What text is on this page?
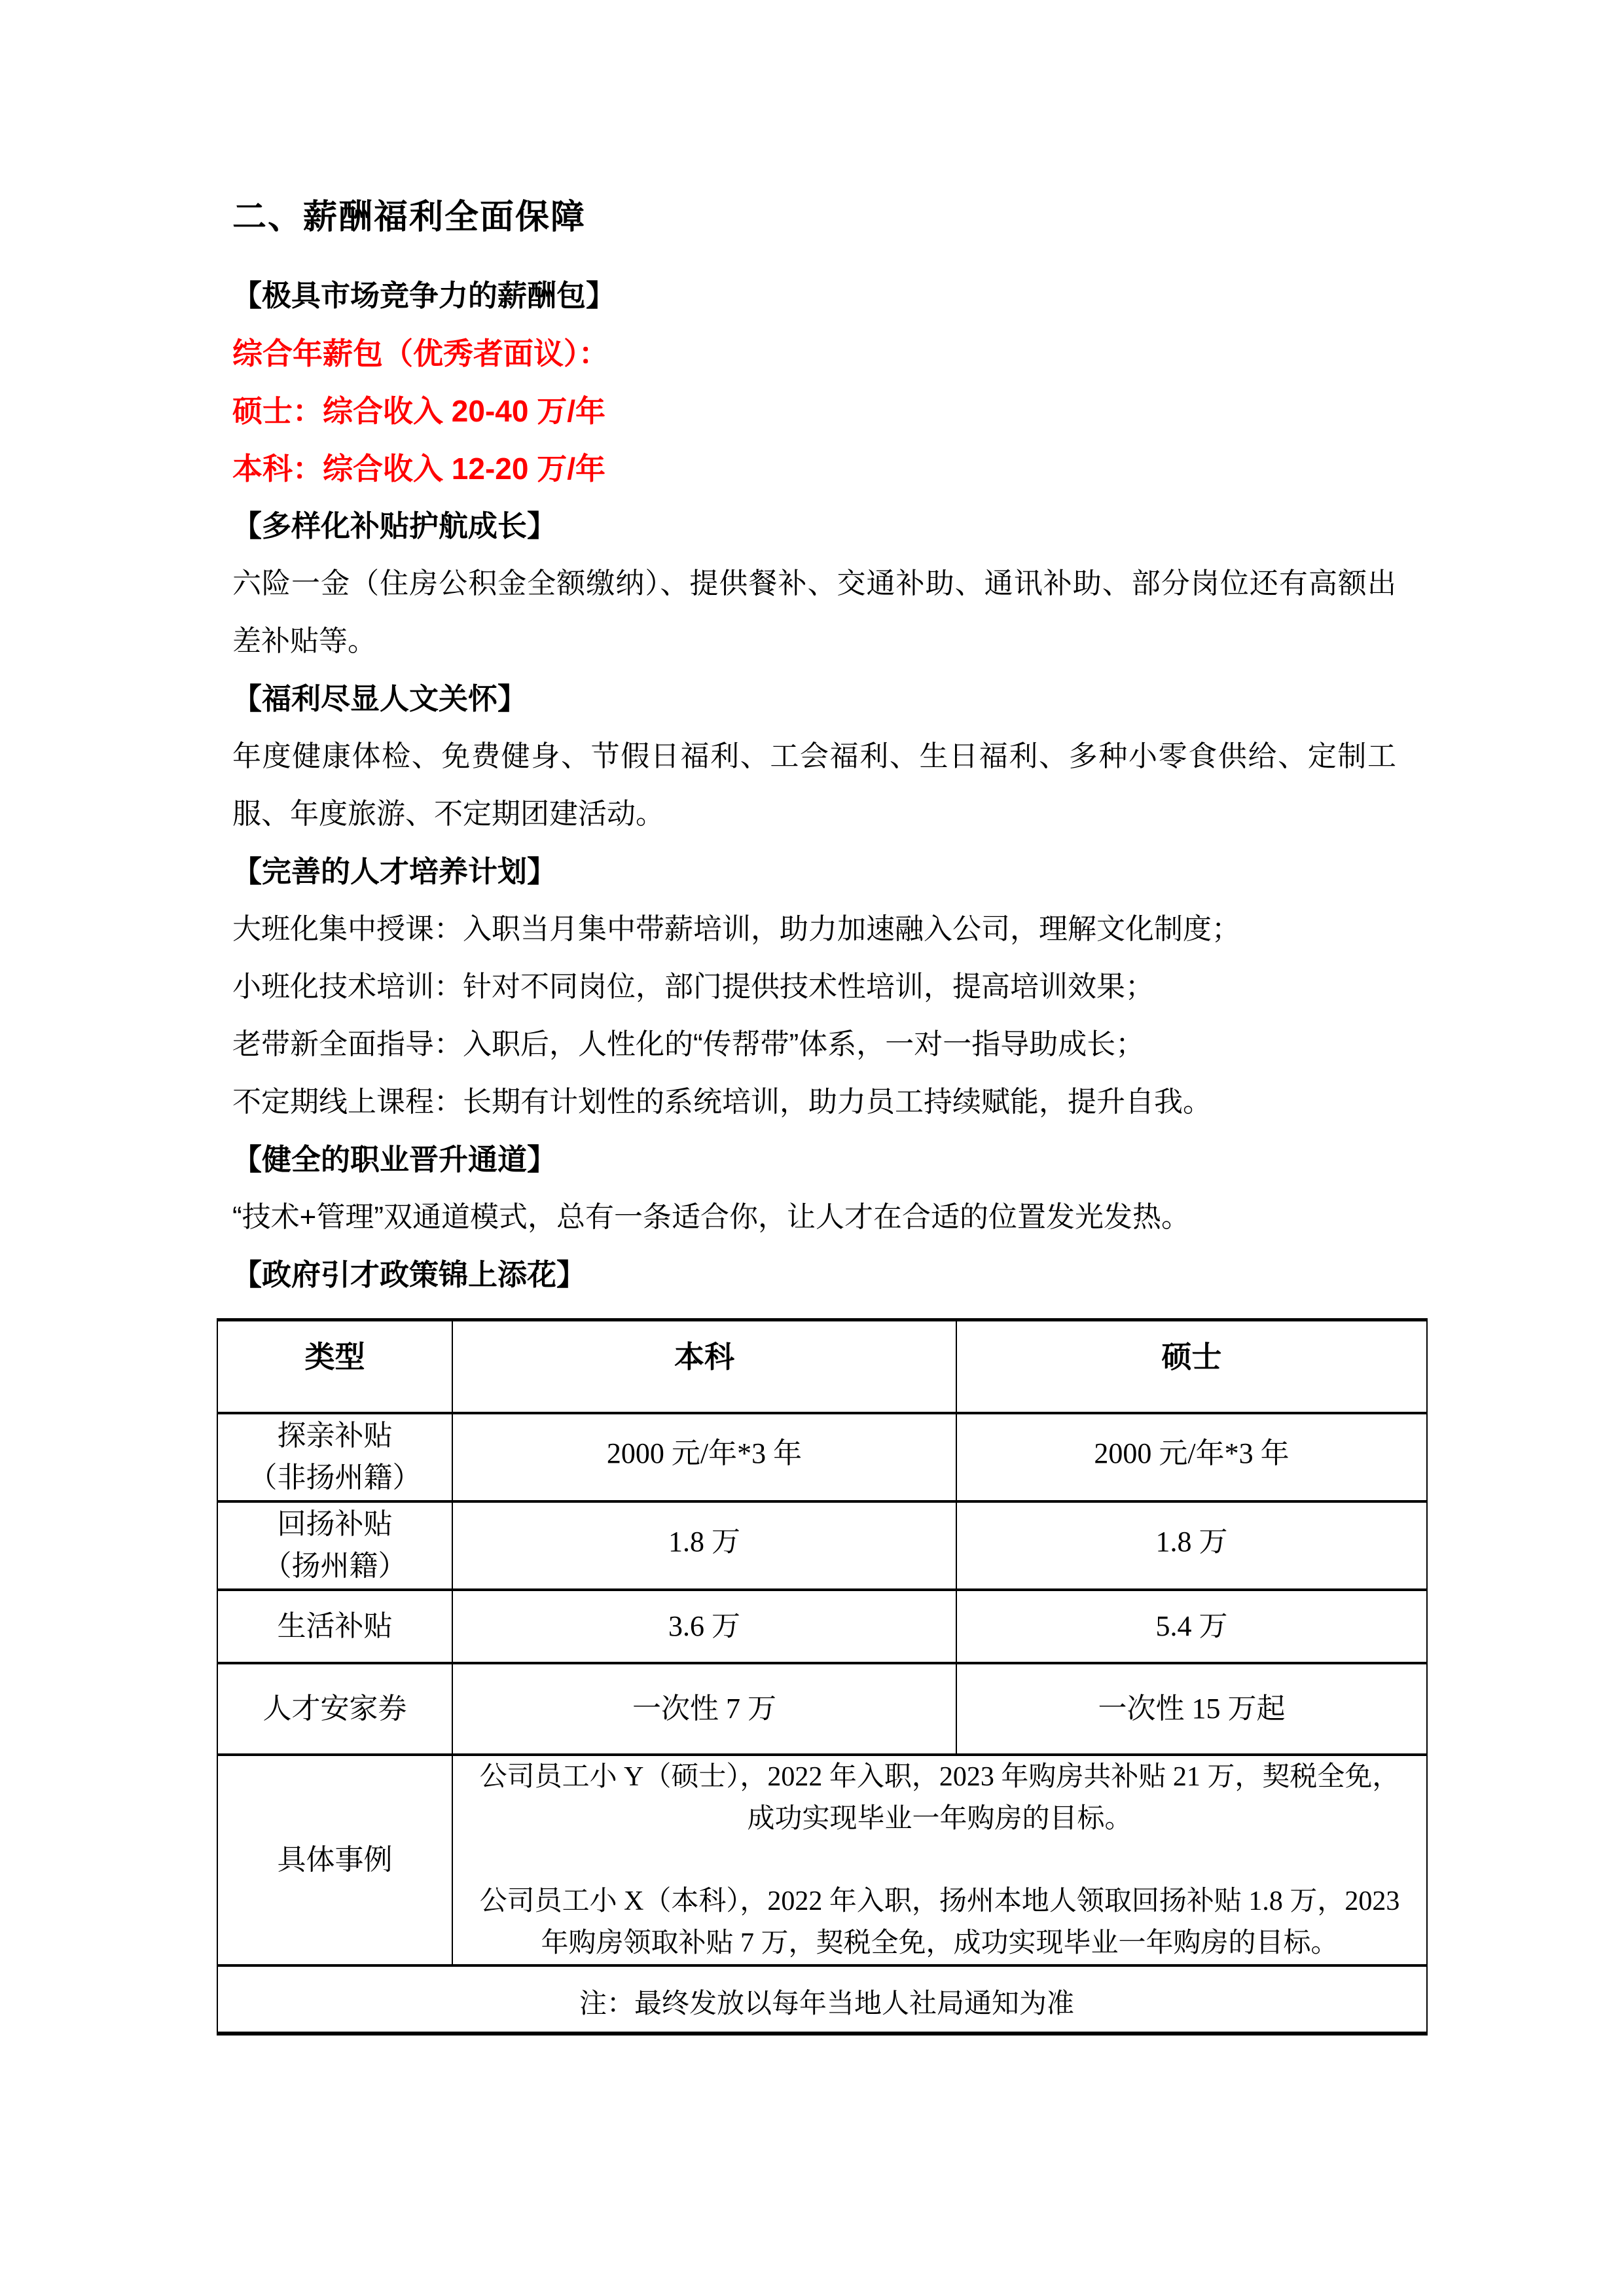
二、薪酬福利全面保障

【极具市场竞争力的薪酬包】

综合年薪包（优秀者面议）：

硕士：综合收入 20-40 万/年

本科：综合收入 12-20 万/年

【多样化补贴护航成长】

六险一金（住房公积金全额缴纳）、提供餐补、交通补助、通讯补助、部分岗位还有高额出差补贴等。

【福利尽显人文关怀】

年度健康体检、免费健身、节假日福利、工会福利、生日福利、多种小零食供给、定制工服、年度旅游、不定期团建活动。

【完善的人才培养计划】

大班化集中授课：入职当月集中带薪培训，助力加速融入公司，理解文化制度；

小班化技术培训：针对不同岗位，部门提供技术性培训，提高培训效果；

老带新全面指导：入职后，人性化的“传帮带”体系，一对一指导助成长；

不定期线上课程：长期有计划性的系统培训，助力员工持续赋能，提升自我。

【健全的职业晋升通道】

“技术+管理”双通道模式，总有一条适合你，让人才在合适的位置发光发热。

【政府引才政策锦上添花】

类型	本科	硕士

探亲补贴
（非扬州籍）	2000 元/年*3 年	2000 元/年*3 年

回扬补贴
（扬州籍）	1.8 万	1.8 万

生活补贴	3.6 万	5.4 万

人才安家券	一次性 7 万	一次性 15 万起
具体事例	公司员工小 Y（硕士），2022 年入职，2023 年购房共补贴 21 万，契税全免，成功实现毕业一年购房的目标。
公司员工小 X（本科），2022 年入职，扬州本地人领取回扬补贴 1.8 万，2023 年购房领取补贴 7 万，契税全免，成功实现毕业一年购房的目标。	

注：最终发放以每年当地人社局通知为准		
